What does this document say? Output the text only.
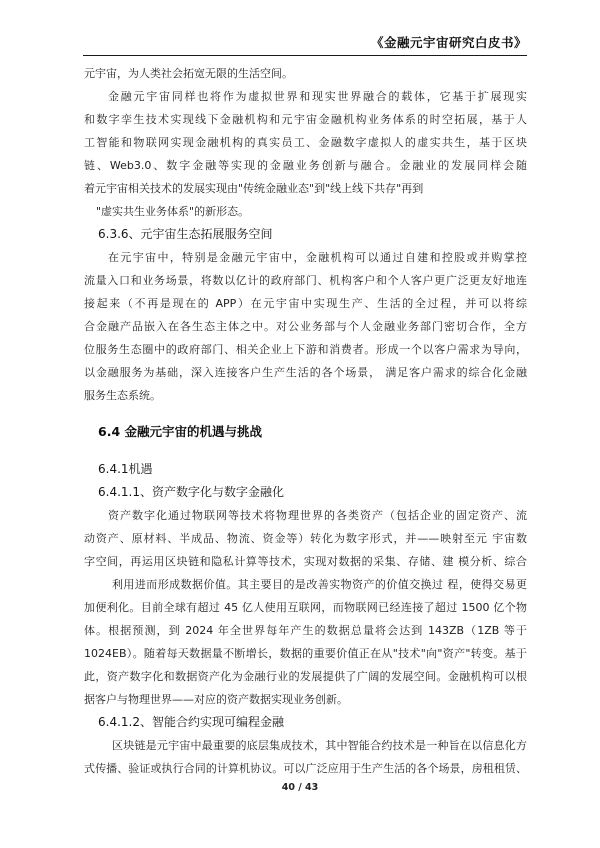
《金融元宇宙研究白皮书》
元宇宙，为人类社会拓宽无限的生活空间。
金融元宇宙同样也将作为虚拟世界和现实世界融合的载体，它基于扩展现实
和数字孪生技术实现线下金融机构和元宇宙金融机构业务体系的时空拓展，基于人
工智能和物联网实现金融机构的真实员工、金融数字虚拟人的虚实共生，基于区块
链、Web3.0、数字金融等实现的金融业务创新与融合。金融业的发展同样会随
着元宇宙相关技术的发展实现由"传统金融业态"到"线上线下共存"再到
"虚实共生业务体系"的新形态。
6.3.6、元宇宙生态拓展服务空间
在元宇宙中，特别是金融元宇宙中，金融机构可以通过自建和控股或并购掌控
流量入口和业务场景，将数以亿计的政府部门、机构客户和个人客户更广泛更友好地连
接起来（不再是现在的 APP）在元宇宙中实现生产、生活的全过程，并可以将综
合金融产品嵌入在各生态主体之中。对公业务部与个人金融业务部门密切合作，全方
位服务生态圈中的政府部门、相关企业上下游和消费者。形成一个以客户需求为导向，
以金融服务为基础，深入连接客户生产生活的各个场景， 满足客户需求的综合化金融
服务生态系统。
6.4 金融元宇宙的机遇与挑战
6.4.1机遇
6.4.1.1、资产数字化与数字金融化
资产数字化通过物联网等技术将物理世界的各类资产（包括企业的固定资产、流
动资产、原材料、半成品、物流、资金等）转化为数字形式，并——映射至元 宇宙数
字空间，再运用区块链和隐私计算等技术，实现对数据的采集、存储、建 模分析、综合
利用进而形成数据价值。其主要目的是改善实物资产的价值交换过 程，使得交易更
加便利化。目前全球有超过 45 亿人使用互联网，而物联网已经连接了超过 1500 亿个物
体。根据预测，到 2024 年全世界每年产生的数据总量将会达到 143ZB（1ZB 等于
1024EB）。随着每天数据量不断增长，数据的重要价值正在从"技术"向"资产"转变。基于
此，资产数字化和数据资产化为金融行业的发展提供了广阔的发展空间。金融机构可以根
据客户与物理世界——对应的资产数据实现业务创新。
6.4.1.2、智能合约实现可编程金融
区块链是元宇宙中最重要的底层集成技术，其中智能合约技术是一种旨在以信息化方
式传播、验证或执行合同的计算机协议。可以广泛应用于生产生活的各个场景，房租租赁、
40 / 43
